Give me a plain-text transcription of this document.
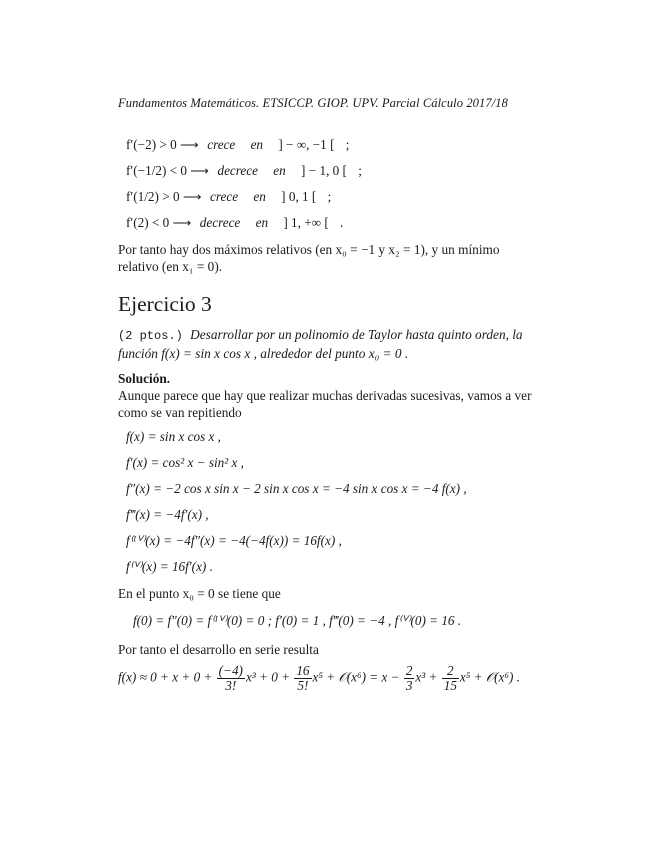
Fundamentos Matemáticos. ETSICCP. GIOP. UPV. Parcial Cálculo 2017/18
f′(−2) > 0 ⟶ crece en ] − ∞, −1 [ ;
f′(−1/2) < 0 ⟶ decrece en ] − 1, 0 [ ;
f′(1/2) > 0 ⟶ crece en ] 0, 1 [ ;
f′(2) < 0 ⟶ decrece en ] 1, +∞ [ .
Por tanto hay dos máximos relativos (en x₀ = −1 y x₂ = 1), y un mínimo
relativo (en x₁ = 0).
Ejercicio 3
(2 ptos.) Desarrollar por un polinomio de Taylor hasta quinto orden, la
función f(x) = sin x cos x , alrededor del punto x₀ = 0 .
Solución.
Aunque parece que hay que realizar muchas derivadas sucesivas, vamos a ver
como se van repitiendo
f(x) = sin x cos x ,
f′(x) = cos² x − sin² x ,
f″(x) = −2 cos x sin x − 2 sin x cos x = −4 sin x cos x = −4 f(x) ,
f‴(x) = −4f′(x) ,
f⁽ᴵⱽ⁾(x) = −4f″(x) = −4(−4f(x)) = 16f(x) ,
f⁽ⱽ⁾(x) = 16f′(x) .
En el punto x₀ = 0 se tiene que
f(0) = f″(0) = f⁽ᴵⱽ⁾(0) = 0 ; f′(0) = 1 , f‴(0) = −4 , f⁽ⱽ⁾(0) = 16 .
Por tanto el desarrollo en serie resulta
$f(x) \approx 0 + x + 0 + \frac{(-4)}{3!} x^3 + 0 + \frac{16}{5!} x^5$ + 𝒪(x⁶) = $x - \frac{2}{3} x^3 + \frac{2}{15} x^5$ + 𝒪(x⁶) .
